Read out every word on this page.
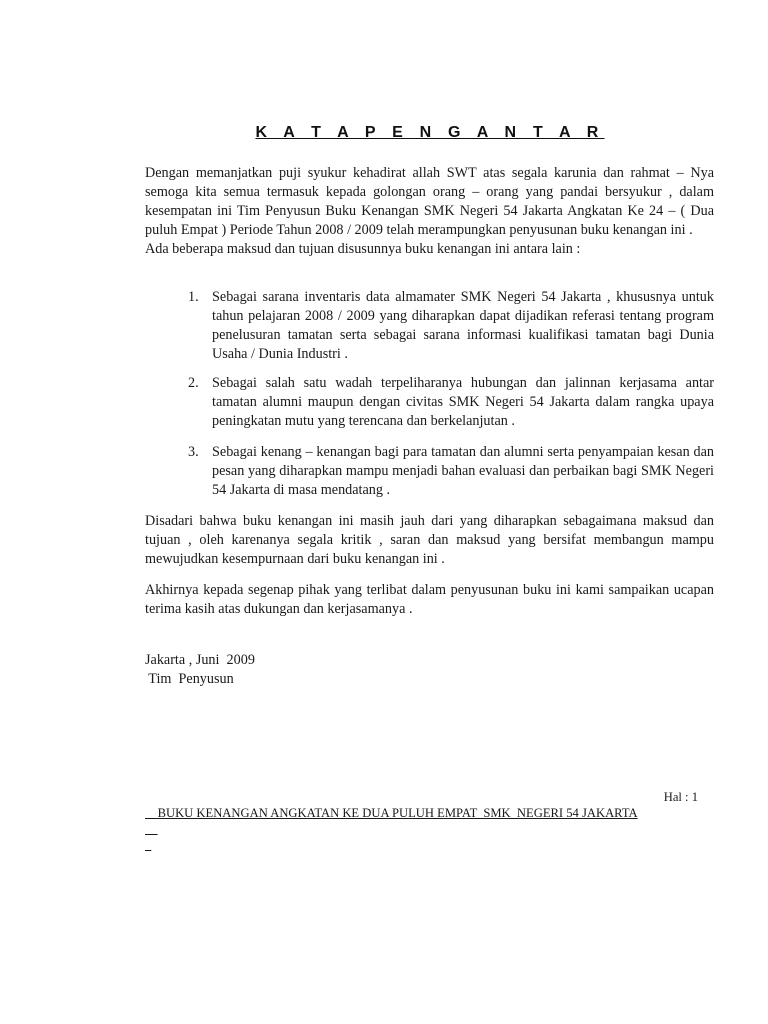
K A T A P E N G A N T A R
Dengan memanjatkan puji syukur kehadirat allah SWT atas segala karunia dan rahmat – Nya semoga kita semua termasuk kepada golongan orang – orang yang pandai bersyukur , dalam kesempatan ini Tim Penyusun Buku Kenangan SMK Negeri 54 Jakarta Angkatan Ke 24 – ( Dua puluh Empat ) Periode Tahun 2008 / 2009 telah merampungkan penyusunan buku kenangan ini .
Ada beberapa maksud dan tujuan disusunnya buku kenangan ini antara lain :
1. Sebagai sarana inventaris data almamater SMK Negeri 54 Jakarta , khususnya untuk tahun pelajaran 2008 / 2009 yang diharapkan dapat dijadikan referasi tentang program penelusuran tamatan serta sebagai sarana informasi kualifikasi tamatan bagi Dunia Usaha / Dunia Industri .
2. Sebagai salah satu wadah terpeliharanya hubungan dan jalinnan kerjasama antar tamatan alumni maupun dengan civitas SMK Negeri 54 Jakarta dalam rangka upaya peningkatan mutu yang terencana dan berkelanjutan .
3. Sebagai kenang – kenangan bagi para tamatan dan alumni serta penyampaian kesan dan pesan yang diharapkan mampu menjadi bahan evaluasi dan perbaikan bagi SMK Negeri 54 Jakarta di masa mendatang .
Disadari bahwa buku kenangan ini masih jauh dari yang diharapkan sebagaimana maksud dan tujuan , oleh karenanya segala kritik , saran dan maksud yang bersifat membangun mampu mewujudkan kesempurnaan dari buku kenangan ini .
Akhirnya kepada segenap pihak yang terlibat dalam penyusunan buku ini kami sampaikan ucapan terima kasih atas dukungan dan kerjasamanya .
Jakarta , Juni  2009
Tim  Penyusun

BUKU KENANGAN ANGKATAN KE DUA PULUH EMPAT  SMK  NEGERI 54 JAKARTA

Hal : 1
